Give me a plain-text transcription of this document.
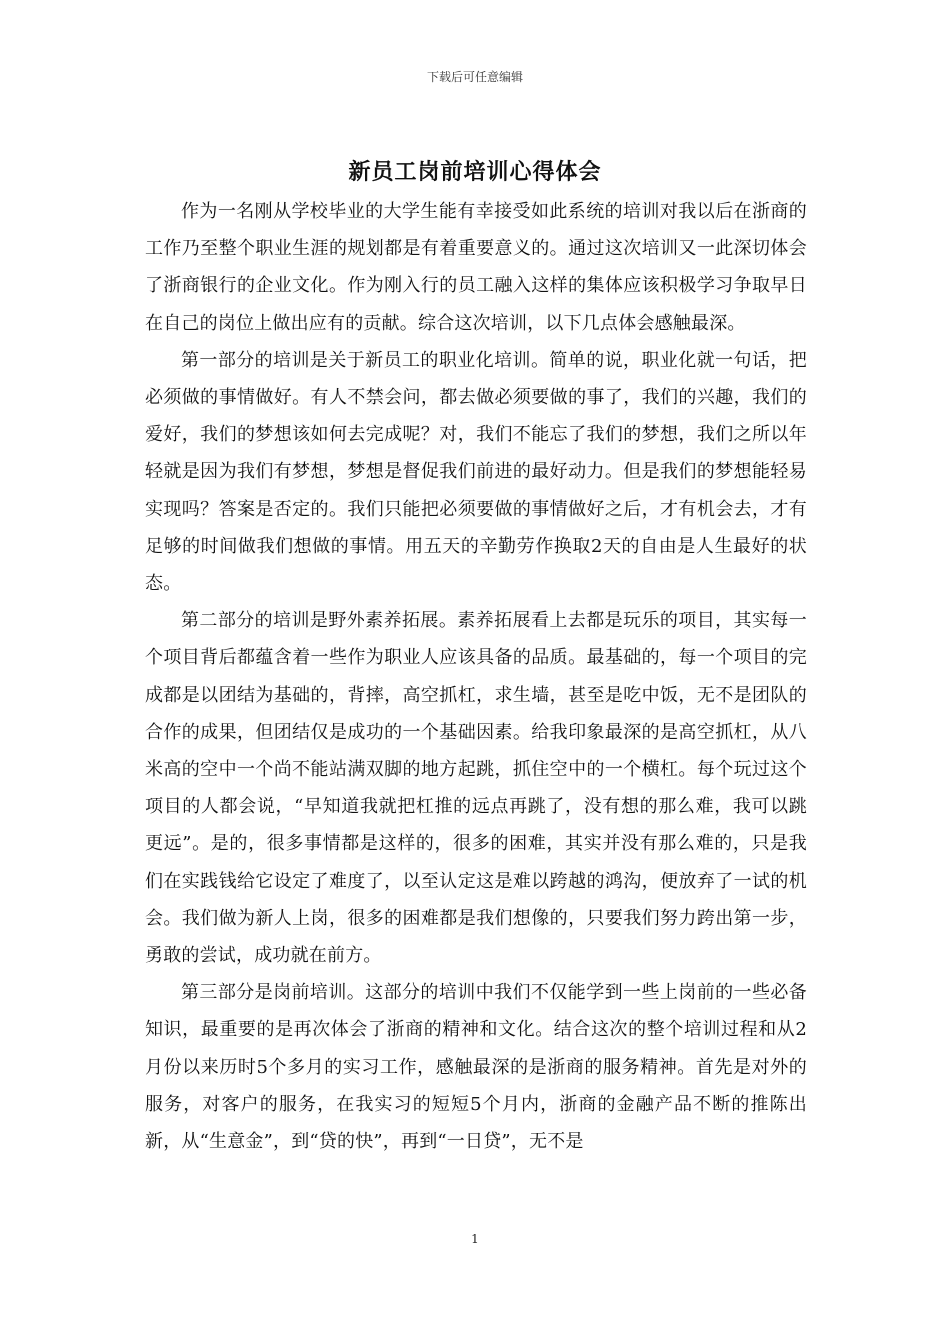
下载后可任意编辑
新员工岗前培训心得体会

作为一名刚从学校毕业的大学生能有幸接受如此系统的培训对我以后在浙商的工作乃至整个职业生涯的规划都是有着重要意义的。通过这次培训又一此深切体会了浙商银行的企业文化。作为刚入行的员工融入这样的集体应该积极学习争取早日在自己的岗位上做出应有的贡献。综合这次培训，以下几点体会感触最深。

第一部分的培训是关于新员工的职业化培训。简单的说，职业化就一句话，把必须做的事情做好。有人不禁会问，都去做必须要做的事了，我们的兴趣，我们的爱好，我们的梦想该如何去完成呢？对，我们不能忘了我们的梦想，我们之所以年轻就是因为我们有梦想，梦想是督促我们前进的最好动力。但是我们的梦想能轻易实现吗？答案是否定的。我们只能把必须要做的事情做好之后，才有机会去，才有足够的时间做我们想做的事情。用五天的辛勤劳作换取2天的自由是人生最好的状态。

第二部分的培训是野外素养拓展。素养拓展看上去都是玩乐的项目，其实每一个项目背后都蕴含着一些作为职业人应该具备的品质。最基础的，每一个项目的完成都是以团结为基础的，背摔，高空抓杠，求生墙，甚至是吃中饭，无不是团队的合作的成果，但团结仅是成功的一个基础因素。给我印象最深的是高空抓杠，从八米高的空中一个尚不能站满双脚的地方起跳，抓住空中的一个横杠。每个玩过这个项目的人都会说，“早知道我就把杠推的远点再跳了，没有想的那么难，我可以跳更远”。是的，很多事情都是这样的，很多的困难，其实并没有那么难的，只是我们在实践钱给它设定了难度了，以至认定这是难以跨越的鸿沟，便放弃了一试的机会。我们做为新人上岗，很多的困难都是我们想像的，只要我们努力跨出第一步，勇敢的尝试，成功就在前方。

第三部分是岗前培训。这部分的培训中我们不仅能学到一些上岗前的一些必备知识，最重要的是再次体会了浙商的精神和文化。结合这次的整个培训过程和从2月份以来历时5个多月的实习工作，感触最深的是浙商的服务精神。首先是对外的服务，对客户的服务，在我实习的短短5个月内，浙商的金融产品不断的推陈出新，从“生意金”，到“贷的快”，再到“一日贷”，无不是

1
